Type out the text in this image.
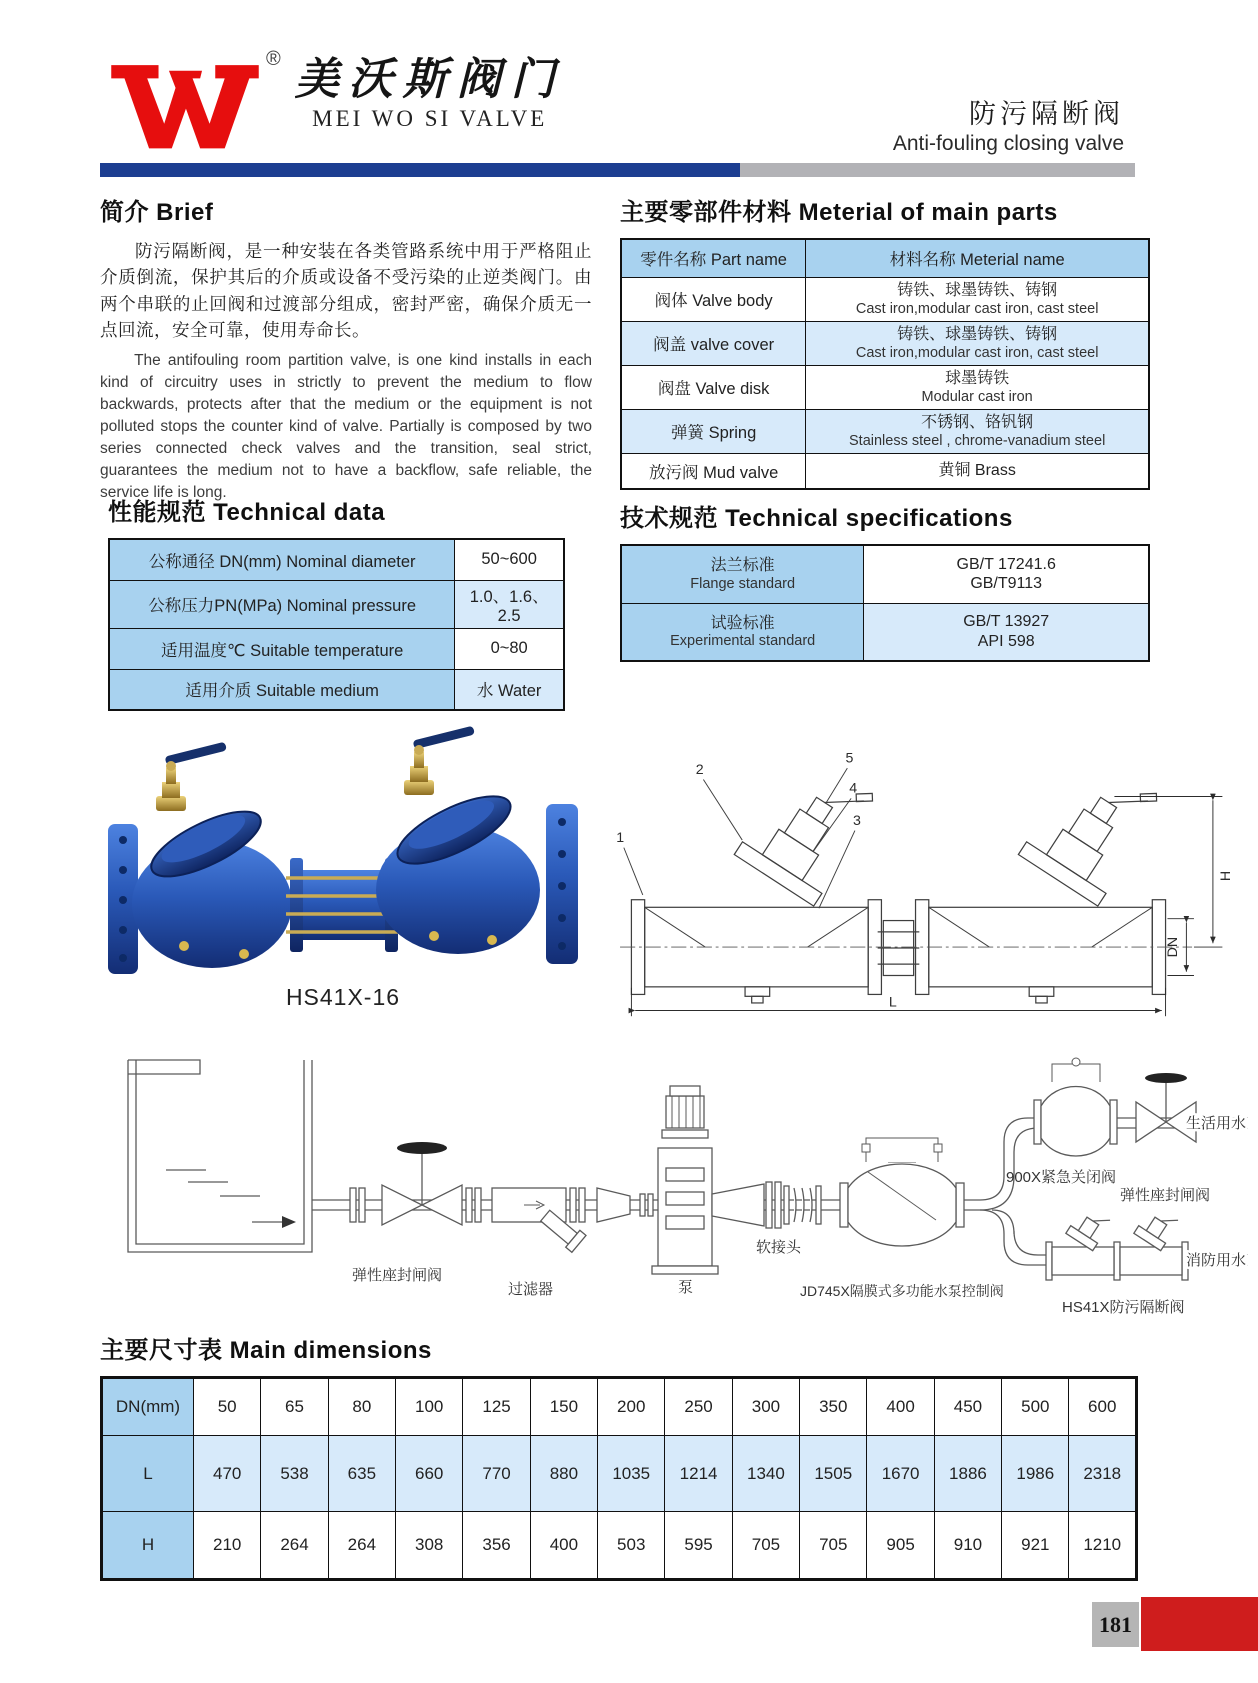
® 美沃斯阀门
MEI WO SI VALVE	防污隔断阀
Anti-fouling closing valve
简介 Brief

防污隔断阀，是一种安装在各类管路系统中用于严格阻止介质倒流，保护其后的介质或设备不受污染的止逆类阀门。由两个串联的止回阀和过渡部分组成，密封严密，确保介质无一点回流，安全可靠，使用寿命长。

The antifouling room partition valve, is one kind installs in each kind of circuitry uses in strictly to prevent the medium to flow backwards, protects after that the medium or the equipment is not polluted stops the counter kind of valve. Partially is composed by two series connected check valves and the transition, seal strict, guarantees the medium not to have a backflow, safe reliable, the service life is long.

主要零部件材料 Meterial of main parts
零件名称 Part name	材料名称 Meterial name
阀体 Valve body	铸铁、球墨铸铁、铸钢
Cast iron,modular cast iron, cast steel

阀盖 valve cover	铸铁、球墨铸铁、铸钢
Cast iron,modular cast iron, cast steel

阀盘 Valve disk	球墨铸铁
Modular cast iron

弹簧 Spring	不锈钢、铬钒钢
Stainless steel , chrome-vanadium steel

放污阀 Mud valve	黄铜 Brass
性能规范 Technical data
公称通径 DN(mm) Nominal diameter	50~600
公称压力PN(MPa) Nominal pressure	1.0、1.6、2.5
适用温度℃ Suitable temperature	0~80
适用介质 Suitable medium	水 Water
技术规范 Technical specifications
法兰标准
Flange standard	GB/T 17241.6
GB/T9113

试验标准
Experimental standard	GB/T 13927
API 598
HS41X-16
1
2
5
4
3
H
DN
L
弹性座封闸阀
过滤器	泵
软接头
JD745X隔膜式多功能水泵控制阀
900X紧急关闭阀
弹性座封闸阀
生活用水
消防用水
HS41X防污隔断阀
主要尺寸表 Main dimensions
DN(mm)	50	65	80	100	125	150	200	250	300	350	400	450	500	600
L	470	538	635	660	770	880	1035	1214	1340	1505	1670	1886	1986	2318
H	210	264	264	308	356	400	503	595	705	705	905	910	921	1210
181
